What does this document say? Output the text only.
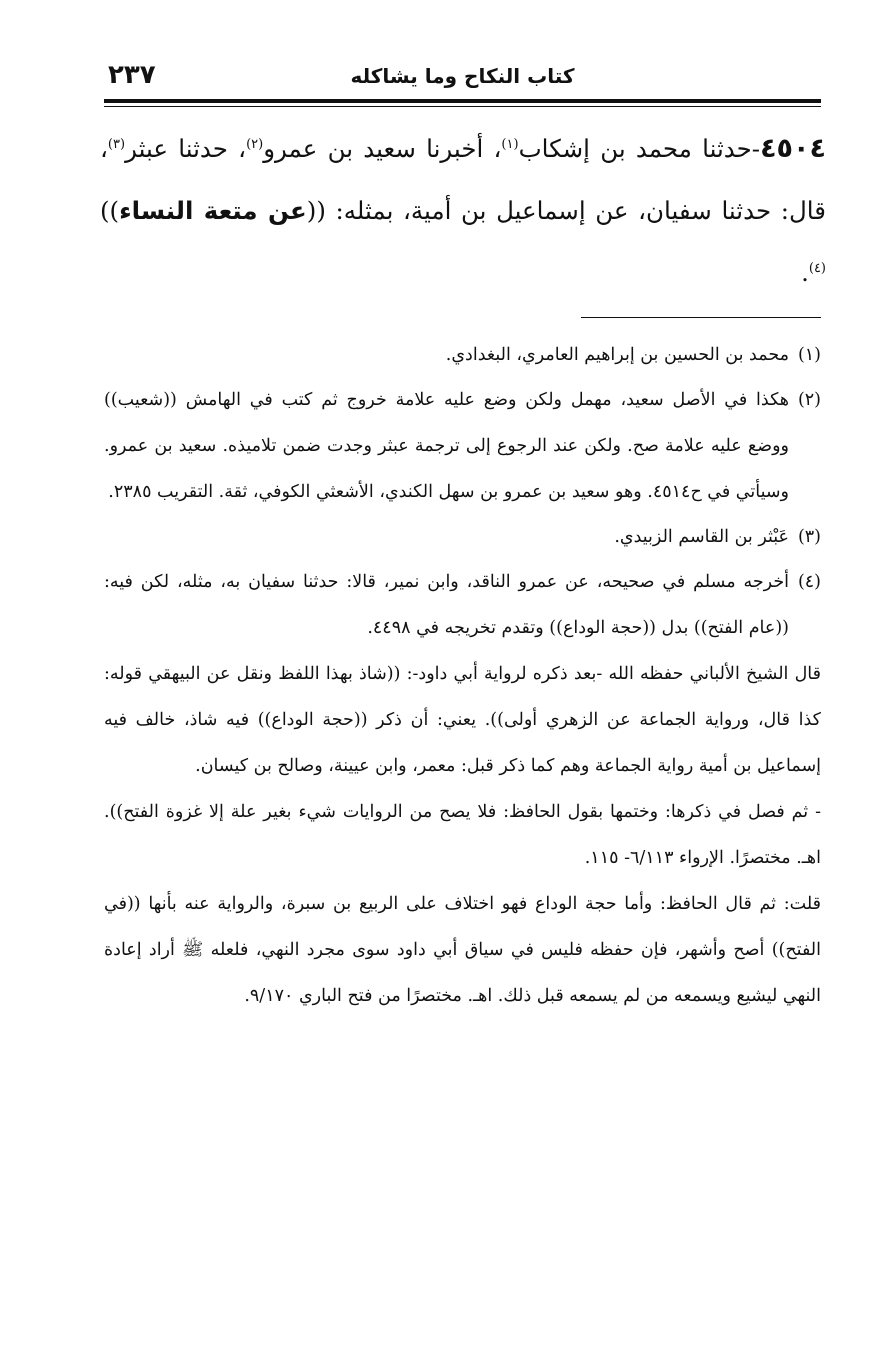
٢٣٧	كتاب النكاح وما يشاكله
٤٥٠٤-حدثنا محمد بن إشكاب$^{(١)}$، أخبرنا سعيد بن عمرو$^{(٢)}$، حدثنا عبثر$^{(٣)}$، قال: حدثنا سفيان، عن إسماعيل بن أمية، بمثله: ((عن متعة النساء))$^{(٤)}$.
(١)
محمد بن الحسين بن إبراهيم العامري، البغدادي.
(٢)
هكذا في الأصل سعيد، مهمل ولكن وضع عليه علامة خروج ثم كتب في الهامش ((شعيب)) ووضع عليه علامة صح. ولكن عند الرجوع إلى ترجمة عبثر وجدت ضمن تلاميذه. سعيد بن عمرو. وسيأتي في ح٤٥١٤. وهو سعيد بن عمرو بن سهل الكندي، الأشعثي الكوفي، ثقة. التقريب ٢٣٨٥.
(٣)
عَبْثر بن القاسم الزبيدي.
(٤)
أخرجه مسلم في صحيحه، عن عمرو الناقد، وابن نمير، قالا: حدثنا سفيان به، مثله، لكن فيه: ((عام الفتح)) بدل ((حجة الوداع)) وتقدم تخريجه في ٤٤٩٨.
قال الشيخ الألباني حفظه الله -بعد ذكره لرواية أبي داود-: ((شاذ بهذا اللفظ ونقل عن البيهقي قوله: كذا قال، ورواية الجماعة عن الزهري أولى)). يعني: أن ذكر ((حجة الوداع)) فيه شاذ، خالف فيه إسماعيل بن أمية رواية الجماعة وهم كما ذكر قبل: معمر، وابن عيينة، وصالح بن كيسان.
- ثم فصل في ذكرها: وختمها بقول الحافظ: فلا يصح من الروايات شيء بغير علة إلا غزوة الفتح)). اهـ. مختصرًا. الإرواء ٦/١١٣- ١١٥.
قلت: ثم قال الحافظ: وأما حجة الوداع فهو اختلاف على الربيع بن سبرة، والرواية عنه بأنها ((في الفتح)) أصح وأشهر، فإن حفظه فليس في سياق أبي داود سوى مجرد النهي، فلعله ﷺ أراد إعادة النهي ليشيع ويسمعه من لم يسمعه قبل ذلك. اهـ. مختصرًا من فتح الباري ٩/١٧٠.
